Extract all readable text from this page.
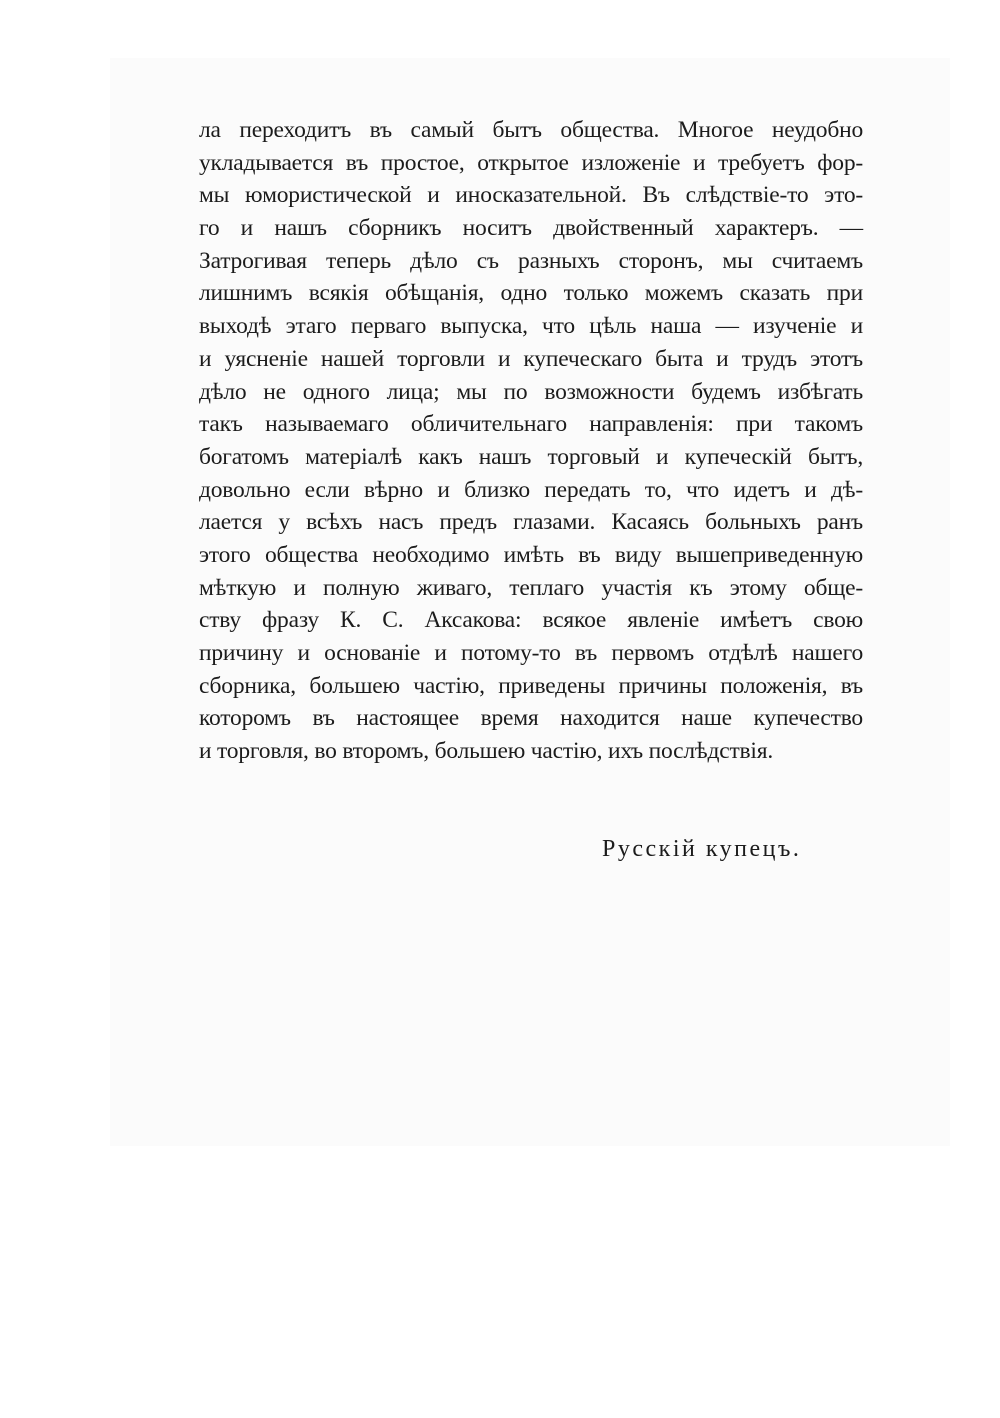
ла переходитъ въ самый бытъ общества. Многое неудобно
укладывается въ простое, открытое изложеніе и требуетъ фор-
мы юмористической и иносказательной. Въ слѣдствіе-то это-
го и нашъ сборникъ носитъ двойственный характеръ. —
Затрогивая теперь дѣло съ разныхъ сторонъ, мы считаемъ
лишнимъ всякія обѣщанія, одно только можемъ сказать при
выходѣ этаго перваго выпуска, что цѣль наша — изученіе и
и уясненіе нашей торговли и купеческаго быта и трудъ этотъ
дѣло не одного лица; мы по возможности будемъ избѣгать
такъ называемаго обличительнаго направленія: при такомъ
богатомъ матеріалѣ какъ нашъ торговый и купеческій бытъ,
довольно если вѣрно и близко передать то, что идетъ и дѣ-
лается у всѣхъ насъ предъ глазами. Касаясь больныхъ ранъ
этого общества необходимо имѣть въ виду вышеприведенную
мѣткую и полную живаго, теплаго участія къ этому обще-
ству фразу К. С. Аксакова: всякое явленіе имѣетъ свою
причину и основаніе и потому-то въ первомъ отдѣлѣ нашего
сборника, большею частію, приведены причины положенія, въ
которомъ въ настоящее время находится наше купечество
и торговля, во второмъ, большею частію, ихъ послѣдствія.
Русскій купецъ.
